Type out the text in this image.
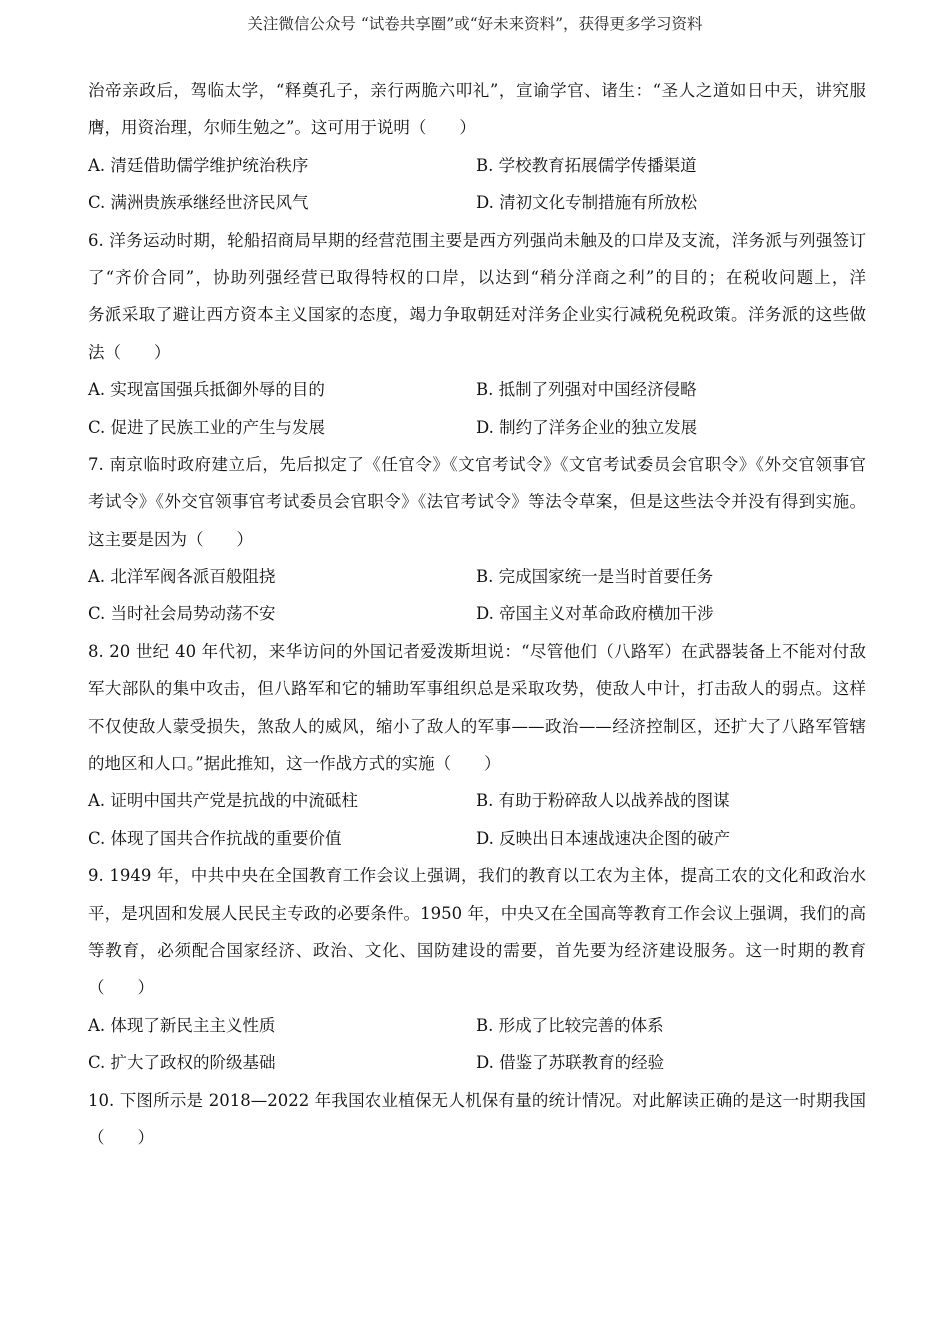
关注微信公众号 “试卷共享圈”或“好未来资料”，获得更多学习资料
治帝亲政后，驾临太学，“释奠孔子，亲行两脆六叩礼”，宣谕学官、诸生：“圣人之道如日中天，讲究服
膺，用资治理，尔师生勉之”。这可用于说明（　　）
A. 清廷借助儒学维护统治秩序	B. 学校教育拓展儒学传播渠道
C. 满洲贵族承继经世济民风气	D. 清初文化专制措施有所放松
6. 洋务运动时期，轮船招商局早期的经营范围主要是西方列强尚未触及的口岸及支流，洋务派与列强签订
了“齐价合同”，协助列强经营已取得特权的口岸，以达到“稍分洋商之利”的目的；在税收问题上，洋
务派采取了避让西方资本主义国家的态度，竭力争取朝廷对洋务企业实行减税免税政策。洋务派的这些做
法（　　）
A. 实现富国强兵抵御外辱的目的	B. 抵制了列强对中国经济侵略
C. 促进了民族工业的产生与发展	D. 制约了洋务企业的独立发展
7. 南京临时政府建立后，先后拟定了《任官令》《文官考试令》《文官考试委员会官职令》《外交官领事官
考试令》《外交官领事官考试委员会官职令》《法官考试令》等法令草案，但是这些法令并没有得到实施。
这主要是因为（　　）
A. 北洋军阀各派百般阻挠	B. 完成国家统一是当时首要任务
C. 当时社会局势动荡不安	D. 帝国主义对革命政府横加干涉
8. 20 世纪 40 年代初，来华访问的外国记者爱泼斯坦说：“尽管他们（八路军）在武器装备上不能对付敌
军大部队的集中攻击，但八路军和它的辅助军事组织总是采取攻势，使敌人中计，打击敌人的弱点。这样
不仅使敌人蒙受损失，煞敌人的威风，缩小了敌人的军事——政治——经济控制区，还扩大了八路军管辖
的地区和人口。”据此推知，这一作战方式的实施（　　）
A. 证明中国共产党是抗战的中流砥柱	B. 有助于粉碎敌人以战养战的图谋
C. 体现了国共合作抗战的重要价值	D. 反映出日本速战速决企图的破产
9. 1949 年，中共中央在全国教育工作会议上强调，我们的教育以工农为主体，提高工农的文化和政治水
平，是巩固和发展人民民主专政的必要条件。1950 年，中央又在全国高等教育工作会议上强调，我们的高
等教育，必须配合国家经济、政治、文化、国防建设的需要，首先要为经济建设服务。这一时期的教育
（　　）
A. 体现了新民主主义性质	B. 形成了比较完善的体系
C. 扩大了政权的阶级基础	D. 借鉴了苏联教育的经验
10. 下图所示是 2018—2022 年我国农业植保无人机保有量的统计情况。对此解读正确的是这一时期我国
（　　）
